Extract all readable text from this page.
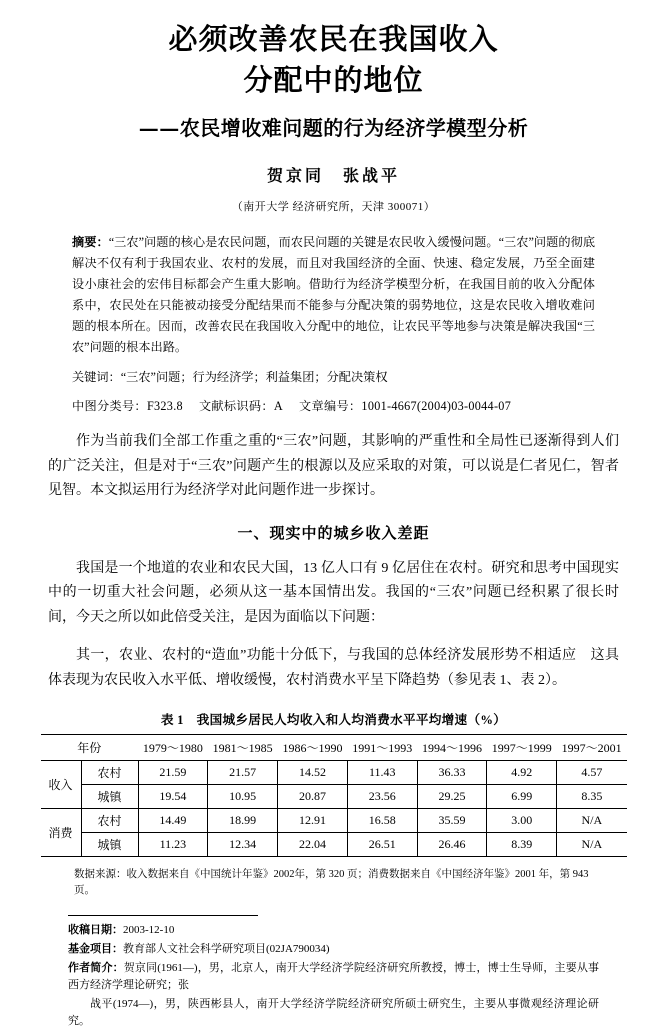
必须改善农民在我国收入
分配中的地位
——农民增收难问题的行为经济学模型分析
贺京同　张战平
（南开大学 经济研究所，天津 300071）
摘要：“三农”问题的核心是农民问题，而农民问题的关键是农民收入缓慢问题。“三农”问题的彻底解决不仅有利于我国农业、农村的发展，而且对我国经济的全面、快速、稳定发展，乃至全面建设小康社会的宏伟目标都会产生重大影响。借助行为经济学模型分析，在我国目前的收入分配体系中，农民处在只能被动接受分配结果而不能参与分配决策的弱势地位，这是农民收入增收难问题的根本所在。因而，改善农民在我国收入分配中的地位，让农民平等地参与决策是解决我国“三农”问题的根本出路。
关键词：“三农”问题；行为经济学；利益集团；分配决策权
中图分类号：F323.8 文献标识码：A 文章编号：1001-4667(2004)03-0044-07

作为当前我们全部工作重之重的“三农”问题，其影响的严重性和全局性已逐渐得到人们的广泛关注，但是对于“三农”问题产生的根源以及应采取的对策，可以说是仁者见仁，智者见智。本文拟运用行为经济学对此问题作进一步探讨。

一、现实中的城乡收入差距

我国是一个地道的农业和农民大国，13 亿人口有 9 亿居住在农村。研究和思考中国现实中的一切重大社会问题，必须从这一基本国情出发。我国的“三农”问题已经积累了很长时间，今天之所以如此倍受关注，是因为面临以下问题：

其一，农业、农村的“造血”功能十分低下，与我国的总体经济发展形势不相适应　这具体表现为农民收入水平低、增收缓慢，农村消费水平呈下降趋势（参见表 1、表 2）。

表 1　我国城乡居民人均收入和人均消费水平平均增速（%）
年份		1979～1980	1981～1985	1986～1990	1991～1993	1994～1996	1997～1999	1997～2001
收入	农村	21.59	21.57	14.52	11.43	36.33	4.92	4.57
	城镇	19.54	10.95	20.87	23.56	29.25	6.99	8.35
消费	农村	14.49	18.99	12.91	16.58	35.59	3.00	N/A
	城镇	11.23	12.34	22.04	26.51	26.46	8.39	N/A
数据来源：收入数据来自《中国统计年鉴》2002年，第 320 页；消费数据来自《中国经济年鉴》2001 年，第 943 页。

收稿日期：2003-12-10

基金项目：教育部人文社会科学研究项目(02JA790034)

作者简介：贺京同(1961—)，男，北京人，南开大学经济学院经济研究所教授，博士，博士生导师，主要从事西方经济学理论研究；张

战平(1974—)，男，陕西彬县人，南开大学经济学院经济研究所硕士研究生，主要从事微观经济理论研究。
